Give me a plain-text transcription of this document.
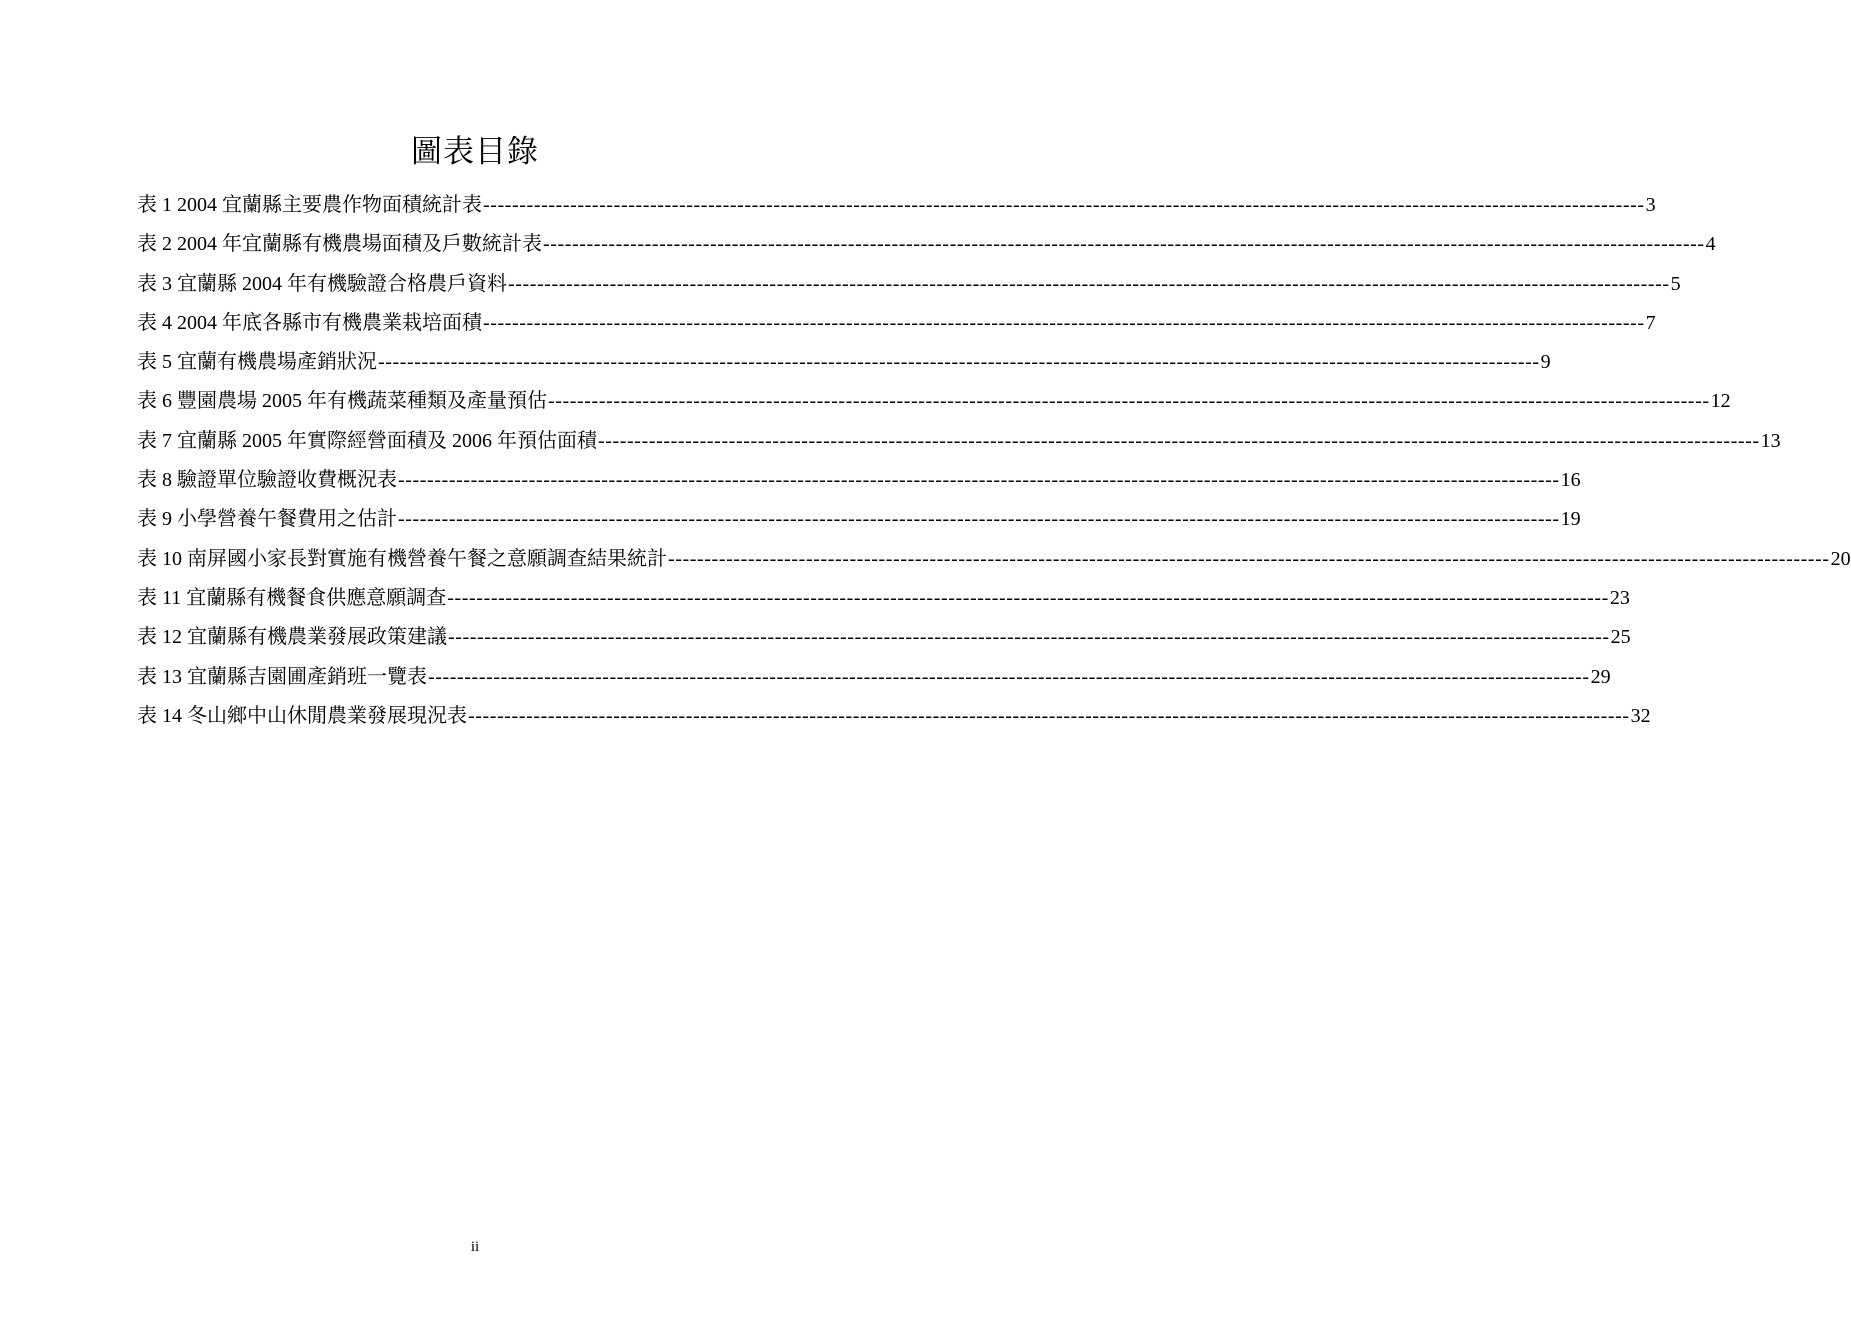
圖表目錄
表 1 2004 宜蘭縣主要農作物面積統計表 ---------------------------------------------------------------------------------------------------------------------------------------------------------------- 3
表 2 2004 年宜蘭縣有機農場面積及戶數統計表 ---------------------------------------------------------------------------------------------------------------------------------------------------------------- 4
表 3 宜蘭縣 2004 年有機驗證合格農戶資料 ---------------------------------------------------------------------------------------------------------------------------------------------------------------- 5
表 4 2004 年底各縣市有機農業栽培面積 ---------------------------------------------------------------------------------------------------------------------------------------------------------------- 7
表 5 宜蘭有機農場產銷狀況 ---------------------------------------------------------------------------------------------------------------------------------------------------------------- 9
表 6 豐園農場 2005 年有機蔬菜種類及產量預估 ---------------------------------------------------------------------------------------------------------------------------------------------------------------- 12
表 7 宜蘭縣 2005 年實際經營面積及 2006 年預估面積 ---------------------------------------------------------------------------------------------------------------------------------------------------------------- 13
表 8 驗證單位驗證收費概況表 ---------------------------------------------------------------------------------------------------------------------------------------------------------------- 16
表 9 小學營養午餐費用之估計 ---------------------------------------------------------------------------------------------------------------------------------------------------------------- 19
表 10 南屏國小家長對實施有機營養午餐之意願調查結果統計 ---------------------------------------------------------------------------------------------------------------------------------------------------------------- 20
表 11 宜蘭縣有機餐食供應意願調查 ---------------------------------------------------------------------------------------------------------------------------------------------------------------- 23
表 12 宜蘭縣有機農業發展政策建議 ---------------------------------------------------------------------------------------------------------------------------------------------------------------- 25
表 13 宜蘭縣吉園圃產銷班一覽表 ---------------------------------------------------------------------------------------------------------------------------------------------------------------- 29
表 14 冬山鄉中山休閒農業發展現況表 ---------------------------------------------------------------------------------------------------------------------------------------------------------------- 32
ii
